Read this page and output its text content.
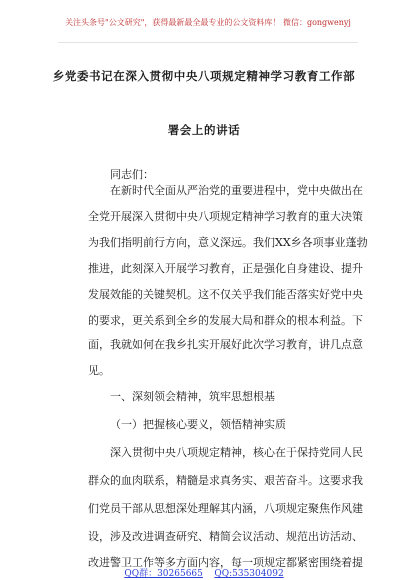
关注头条号"公文研究"，获得最新最全最专业的公文资料库！ 微信：gongwenyj
乡党委书记在深入贯彻中央八项规定精神学习教育工作部
署会上的讲话
同志们：
在新时代全面从严治党的重要进程中，党中央做出在
全党开展深入贯彻中央八项规定精神学习教育的重大决策
为我们指明前行方向，意义深远。我们XX乡各项事业蓬勃
推进，此刻深入开展学习教育，正是强化自身建设、提升
发展效能的关键契机。这不仅关乎我们能否落实好党中央
的要求，更关系到全乡的发展大局和群众的根本利益。下
面，我就如何在我乡扎实开展好此次学习教育，讲几点意
见。
一、深刻领会精神，筑牢思想根基
（一）把握核心要义，领悟精神实质
深入贯彻中央八项规定精神，核心在于保持党同人民
群众的血肉联系，精髓是求真务实、艰苦奋斗。这要求我
们党员干部从思想深处理解其内涵，八项规定聚焦作风建
设，涉及改进调查研究、精简会议活动、规范出访活动、
改进警卫工作等多方面内容，每一项规定都紧密围绕着提
QQ群：30265665 QQ:535304092
